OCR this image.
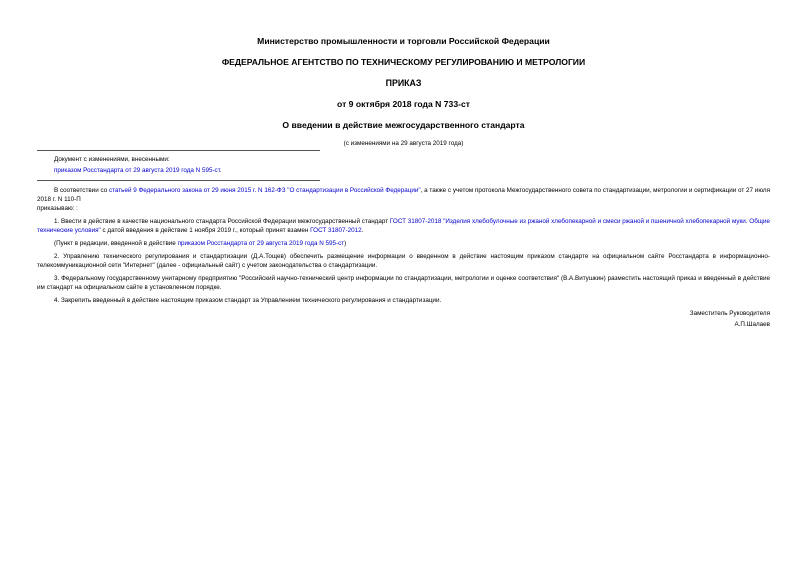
Министерство промышленности и торговли Российской Федерации
ФЕДЕРАЛЬНОЕ АГЕНТСТВО ПО ТЕХНИЧЕСКОМУ РЕГУЛИРОВАНИЮ И МЕТРОЛОГИИ
ПРИКАЗ
от 9 октября 2018 года N 733-ст
О введении в действие межгосударственного стандарта
(с изменениями на 29 августа 2019 года)
Документ с изменениями, внесенными:
приказом Росстандарта от 29 августа 2019 года N 595-ст.

В соответствии со статьей 9 Федерального закона от 29 июня 2015 г. N 162-ФЗ "О стандартизации в Российской Федерации", а также с учетом протокола Межгосударственного совета по стандартизации, метрологии и сертификации от 27 июля 2018 г. N 110-П

приказываю: :

1. Ввести в действие в качестве национального стандарта Российской Федерации межгосударственный стандарт ГОСТ 31807-2018 "Изделия хлебобулочные из ржаной хлебопекарной и смеси ржаной и пшеничной хлебопекарной муки. Общие технические условия" с датой введения в действие 1 ноября 2019 г., который принят взамен ГОСТ 31807-2012.

(Пункт в редакции, введенной в действие приказом Росстандарта от 29 августа 2019 года N 595-ст)

2. Управлению технического регулирования и стандартизации (Д.А.Тощев) обеспечить размещение информации о введенном в действие настоящим приказом стандарте на официальном сайте Росстандарта в информационно-телекоммуникационной сети "Интернет" (далее - официальный сайт) с учетом законодательства о стандартизации.

3. Федеральному государственному унитарному предприятию "Российский научно-технический центр информации по стандартизации, метрологии и оценке соответствия" (В.А.Витушкин) разместить настоящий приказ и введенный в действие им стандарт на официальном сайте в установленном порядке.

4. Закрепить введенный в действие настоящим приказом стандарт за Управлением технического регулирования и стандартизации.

Заместитель Руководителя
А.П.Шалаев
